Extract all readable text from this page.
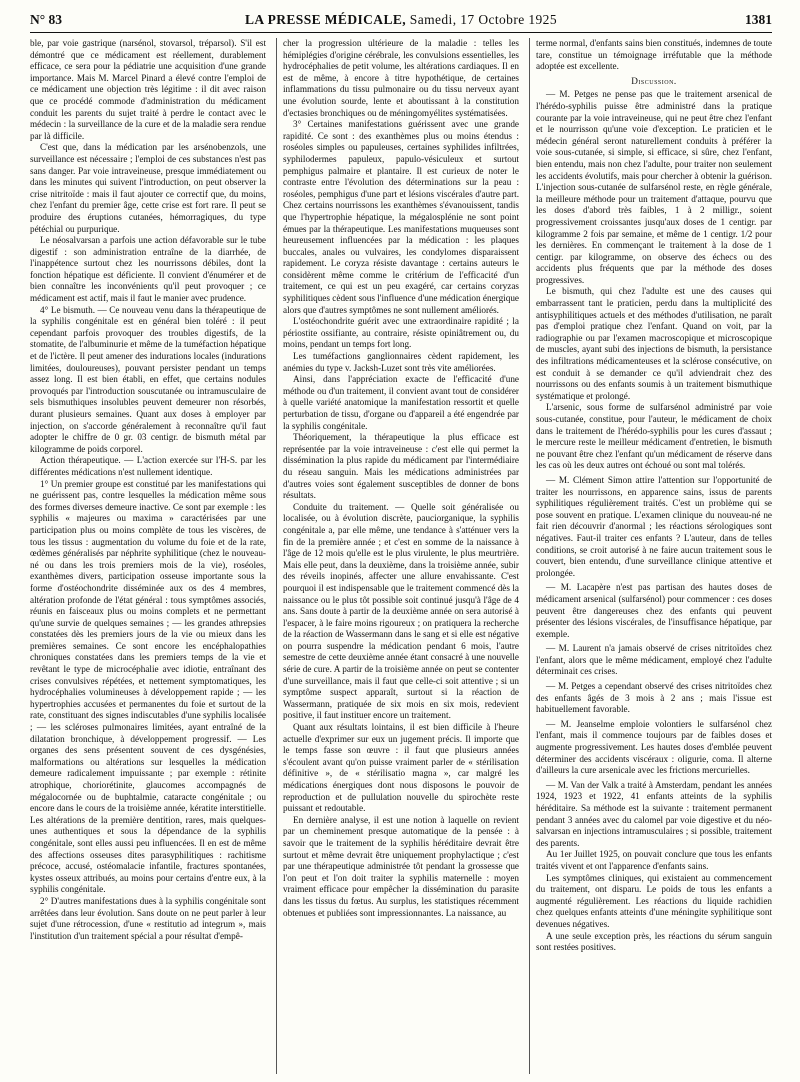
N° 83	LA PRESSE MÉDICALE, Samedi, 17 Octobre 1925	1381

ble, par voie gastrique (narsénol, stovarsol, tréparsol). S'il est démontré que ce médicament est réellement, durablement efficace, ce sera pour la pédiatrie une acquisition d'une grande importance. Mais M. Marcel Pinard a élevé contre l'emploi de ce médicament une objection très légitime : il dit avec raison que ce procédé commode d'administration du médicament conduit les parents du sujet traité à perdre le contact avec le médecin : la surveillance de la cure et de la maladie sera rendue par là difficile.

C'est que, dans la médication par les arsénobenzols, une surveillance est nécessaire ; l'emploi de ces substances n'est pas sans danger. Par voie intraveineuse, presque immédiatement ou dans les minutes qui suivent l'introduction, on peut observer la crise nitritoïde : mais il faut ajouter ce correctif que, du moins, chez l'enfant du premier âge, cette crise est fort rare. Il peut se produire des éruptions cutanées, hémorragiques, du type pétéchial ou purpurique.

Le néosalvarsan a parfois une action défavorable sur le tube digestif : son administration entraîne de la diarrhée, de l'inappétence surtout chez les nourrissons débiles, dont la fonction hépatique est déficiente. Il convient d'énumérer et de bien connaître les inconvénients qu'il peut provoquer ; ce médicament est actif, mais il faut le manier avec prudence.

4° Le bismuth. — Ce nouveau venu dans la thérapeutique de la syphilis congénitale est en général bien toléré : il peut cependant parfois provoquer des troubles digestifs, de la stomatite, de l'albuminurie et même de la tuméfaction hépatique et de l'ictère. Il peut amener des indurations locales (indurations limitées, douloureuses), pouvant persister pendant un temps assez long. Il est bien établi, en effet, que certains nodules provoqués par l'introduction souscutanée ou intramusculaire de sels bismuthiques insolubles peuvent demeurer non résorbés, durant plusieurs semaines. Quant aux doses à employer par injection, on s'accorde généralement à reconnaître qu'il faut adopter le chiffre de 0 gr. 03 centigr. de bismuth métal par kilogramme de poids corporel.

Action thérapeutique. — L'action exercée sur l'H-S. par les différentes médications n'est nullement identique.

1° Un premier groupe est constitué par les manifestations qui ne guérissent pas, contre lesquelles la médication même sous des formes diverses demeure inactive. Ce sont par exemple : les syphilis « majeures ou maxima » caractérisées par une participation plus ou moins complète de tous les viscères, de tous les tissus : augmentation du volume du foie et de la rate, œdèmes généralisés par néphrite syphilitique (chez le nouveau-né ou dans les trois premiers mois de la vie), roséoles, exanthèmes divers, participation osseuse importante sous la forme d'ostéochondrite disséminée aux os des 4 membres, altération profonde de l'état général : tous symptômes associés, réunis en faisceaux plus ou moins complets et ne permettant qu'une survie de quelques semaines ; — les grandes athrepsies constatées dès les premiers jours de la vie ou mieux dans les premières semaines. Ce sont encore les encéphalopathies chroniques constatées dans les premiers temps de la vie et revêtant le type de microcéphalie avec idiotie, entraînant des crises convulsives répétées, et nettement symptomatiques, les hydrocéphalies volumineuses à développement rapide ; — les hypertrophies accusées et permanentes du foie et surtout de la rate, constituant des signes indiscutables d'une syphilis localisée ; — les scléroses pulmonaires limitées, ayant entraîné de la dilatation bronchique, à développement progressif. — Les organes des sens présentent souvent de ces dysgénésies, malformations ou altérations sur lesquelles la médication demeure radicalement impuissante ; par exemple : rétinite atrophique, choriorétinite, glaucomes accompagnés de mégalocornée ou de buphtalmie, cataracte congénitale ; ou encore dans le cours de la troisième année, kératite interstitielle. Les altérations de la première dentition, rares, mais quelques-unes authentiques et sous la dépendance de la syphilis congénitale, sont elles aussi peu influencées. Il en est de même des affections osseuses dites parasyphilitiques : rachitisme précoce, accusé, ostéomalacie infantile, fractures spontanées, kystes osseux attribués, au moins pour certains d'entre eux, à la syphilis congénitale.

2° D'autres manifestations dues à la syphilis congénitale sont arrêtées dans leur évolution. Sans doute on ne peut parler à leur sujet d'une rétrocession, d'une « restitutio ad integrum », mais l'institution d'un traitement spécial a pour résultat d'empê-

cher la progression ultérieure de la maladie : telles les hémiplégies d'origine cérébrale, les convulsions essentielles, les hydrocéphalies de petit volume, les altérations cardiaques. Il en est de même, à encore à titre hypothétique, de certaines inflammations du tissu pulmonaire ou du tissu nerveux ayant une évolution sourde, lente et aboutissant à la constitution d'ectasies bronchiques ou de méningomyélites systématisées.

3° Certaines manifestations guérissent avec une grande rapidité. Ce sont : des exanthèmes plus ou moins étendus : roséoles simples ou papuleuses, certaines syphilides infiltrées, syphilodermes papuleux, papulo-vésiculeux et surtout pemphigus palmaire et plantaire. Il est curieux de noter le contraste entre l'évolution des déterminations sur la peau : roséoles, pemphigus d'une part et lésions viscérales d'autre part. Chez certains nourrissons les exanthèmes s'évanouissent, tandis que l'hypertrophie hépatique, la mégalosplénie ne sont point émues par la thérapeutique. Les manifestations muqueuses sont heureusement influencées par la médication : les plaques buccales, anales ou vulvaires, les condylomes disparaissent rapidement. Le coryza résiste davantage : certains auteurs le considèrent même comme le critérium de l'efficacité d'un traitement, ce qui est un peu exagéré, car certains coryzas syphilitiques cèdent sous l'influence d'une médication énergique alors que d'autres symptômes ne sont nullement améliorés.

L'ostéochondrite guérit avec une extraordinaire rapidité ; la périostite ossifiante, au contraire, résiste opiniâtrement ou, du moins, pendant un temps fort long.

Les tuméfactions ganglionnaires cèdent rapidement, les anémies du type v. Jacksh-Luzet sont très vite améliorées.

Ainsi, dans l'appréciation exacte de l'efficacité d'une méthode ou d'un traitement, il convient avant tout de considérer à quelle variété anatomique la manifestation ressortit et quelle perturbation de tissu, d'organe ou d'appareil a été engendrée par la syphilis congénitale.

Théoriquement, la thérapeutique la plus efficace est représentée par la voie intraveineuse : c'est elle qui permet la dissémination la plus rapide du médicament par l'intermédiaire du réseau sanguin. Mais les médications administrées par d'autres voies sont également susceptibles de donner de bons résultats.

Conduite du traitement. — Quelle soit généralisée ou localisée, ou à évolution discrète, pauciorganique, la syphilis congénitale a, par elle même, une tendance à s'atténuer vers la fin de la première année ; et c'est en somme de la naissance à l'âge de 12 mois qu'elle est le plus virulente, le plus meurtrière. Mais elle peut, dans la deuxième, dans la troisième année, subir des réveils inopinés, affecter une allure envahissante. C'est pourquoi il est indispensable que le traitement commencé dès la naissance ou le plus tôt possible soit continué jusqu'à l'âge de 4 ans. Sans doute à partir de la deuxième année on sera autorisé à l'espacer, à le faire moins rigoureux ; on pratiquera la recherche de la réaction de Wassermann dans le sang et si elle est négative on pourra suspendre la médication pendant 6 mois, l'autre semestre de cette deuxième année étant consacré à une nouvelle série de cure. A partir de la troisième année on peut se contenter d'une surveillance, mais il faut que celle-ci soit attentive ; si un symptôme suspect apparaît, surtout si la réaction de Wassermann, pratiquée de six mois en six mois, redevient positive, il faut instituer encore un traitement.

Quant aux résultats lointains, il est bien difficile à l'heure actuelle d'exprimer sur eux un jugement précis. Il importe que le temps fasse son œuvre : il faut que plusieurs années s'écoulent avant qu'on puisse vraiment parler de « stérilisation définitive », de « stérilisatio magna », car malgré les médications énergiques dont nous disposons le pouvoir de reproduction et de pullulation nouvelle du spirochète reste puissant et redoutable.

En dernière analyse, il est une notion à laquelle on revient par un cheminement presque automatique de la pensée : à savoir que le traitement de la syphilis héréditaire devrait être surtout et même devrait être uniquement prophylactique ; c'est par une thérapeutique administrée tôt pendant la grossesse que l'on peut et l'on doit traiter la syphilis maternelle : moyen vraiment efficace pour empêcher la dissémination du parasite dans les tissus du fœtus. Au surplus, les statistiques récemment obtenues et publiées sont impressionnantes. La naissance, au

terme normal, d'enfants sains bien constitués, indemnes de toute tare, constitue un témoignage irréfutable que la méthode adoptée est excellente.

Discussion.

— M. Petges ne pense pas que le traitement arsenical de l'hérédo-syphilis puisse être administré dans la pratique courante par la voie intraveineuse, qui ne peut être chez l'enfant et le nourrisson qu'une voie d'exception. Le praticien et le médecin général seront naturellement conduits à préférer la voie sous-cutanée, si simple, si efficace, si sûre, chez l'enfant, bien entendu, mais non chez l'adulte, pour traiter non seulement les accidents évolutifs, mais pour chercher à obtenir la guérison. L'injection sous-cutanée de sulfarsénol reste, en règle générale, la meilleure méthode pour un traitement d'attaque, pourvu que les doses d'abord très faibles, 1 à 2 milligr., soient progressivement croissantes jusqu'aux doses de 1 centigr. par kilogramme 2 fois par semaine, et même de 1 centigr. 1/2 pour les dernières. En commençant le traitement à la dose de 1 centigr. par kilogramme, on observe des échecs ou des accidents plus fréquents que par la méthode des doses progressives.

Le bismuth, qui chez l'adulte est une des causes qui embarrassent tant le praticien, perdu dans la multiplicité des antisyphilitiques actuels et des méthodes d'utilisation, ne paraît pas d'emploi pratique chez l'enfant. Quand on voit, par la radiographie ou par l'examen macroscopique et microscopique de muscles, ayant subi des injections de bismuth, la persistance des infiltrations médicamenteuses et la sclérose consécutive, on est conduit à se demander ce qu'il adviendrait chez des nourrissons ou des enfants soumis à un traitement bismuthique systématique et prolongé.

L'arsenic, sous forme de sulfarsénol administré par voie sous-cutanée, constitue, pour l'auteur, le médicament de choix dans le traitement de l'hérédo-syphilis pour les cures d'assaut ; le mercure reste le meilleur médicament d'entretien, le bismuth ne pouvant être chez l'enfant qu'un médicament de réserve dans les cas où les deux autres ont échoué ou sont mal tolérés.

— M. Clément Simon attire l'attention sur l'opportunité de traiter les nourrissons, en apparence sains, issus de parents syphilitiques régulièrement traités. C'est un problème qui se pose souvent en pratique. L'examen clinique du nouveau-né ne fait rien découvrir d'anormal ; les réactions sérologiques sont négatives. Faut-il traiter ces enfants ? L'auteur, dans de telles conditions, se croit autorisé à ne faire aucun traitement sous le couvert, bien entendu, d'une surveillance clinique attentive et prolongée.

— M. Lacapère n'est pas partisan des hautes doses de médicament arsenical (sulfarsénol) pour commencer : ces doses peuvent être dangereuses chez des enfants qui peuvent présenter des lésions viscérales, de l'insuffisance hépatique, par exemple.

— M. Laurent n'a jamais observé de crises nitritoïdes chez l'enfant, alors que le même médicament, employé chez l'adulte déterminait ces crises.

— M. Petges a cependant observé des crises nitritoïdes chez des enfants âgés de 3 mois à 2 ans ; mais l'issue est habituellement favorable.

— M. Jeanselme emploie volontiers le sulfarsénol chez l'enfant, mais il commence toujours par de faibles doses et augmente progressivement. Les hautes doses d'emblée peuvent déterminer des accidents viscéraux : oligurie, coma. Il alterne d'ailleurs la cure arsenicale avec les frictions mercurielles.

— M. Van der Valk a traité à Amsterdam, pendant les années 1924, 1923 et 1922, 41 enfants atteints de la syphilis héréditaire. Sa méthode est la suivante : traitement permanent pendant 3 années avec du calomel par voie digestive et du néo-salvarsan en injections intramusculaires ; si possible, traitement des parents.

Au 1er Juillet 1925, on pouvait conclure que tous les enfants traités vivent et ont l'apparence d'enfants sains.

Les symptômes cliniques, qui existaient au commencement du traitement, ont disparu. Le poids de tous les enfants a augmenté régulièrement. Les réactions du liquide rachidien chez quelques enfants atteints d'une méningite syphilitique sont devenues négatives.

A une seule exception près, les réactions du sérum sanguin sont restées positives.
